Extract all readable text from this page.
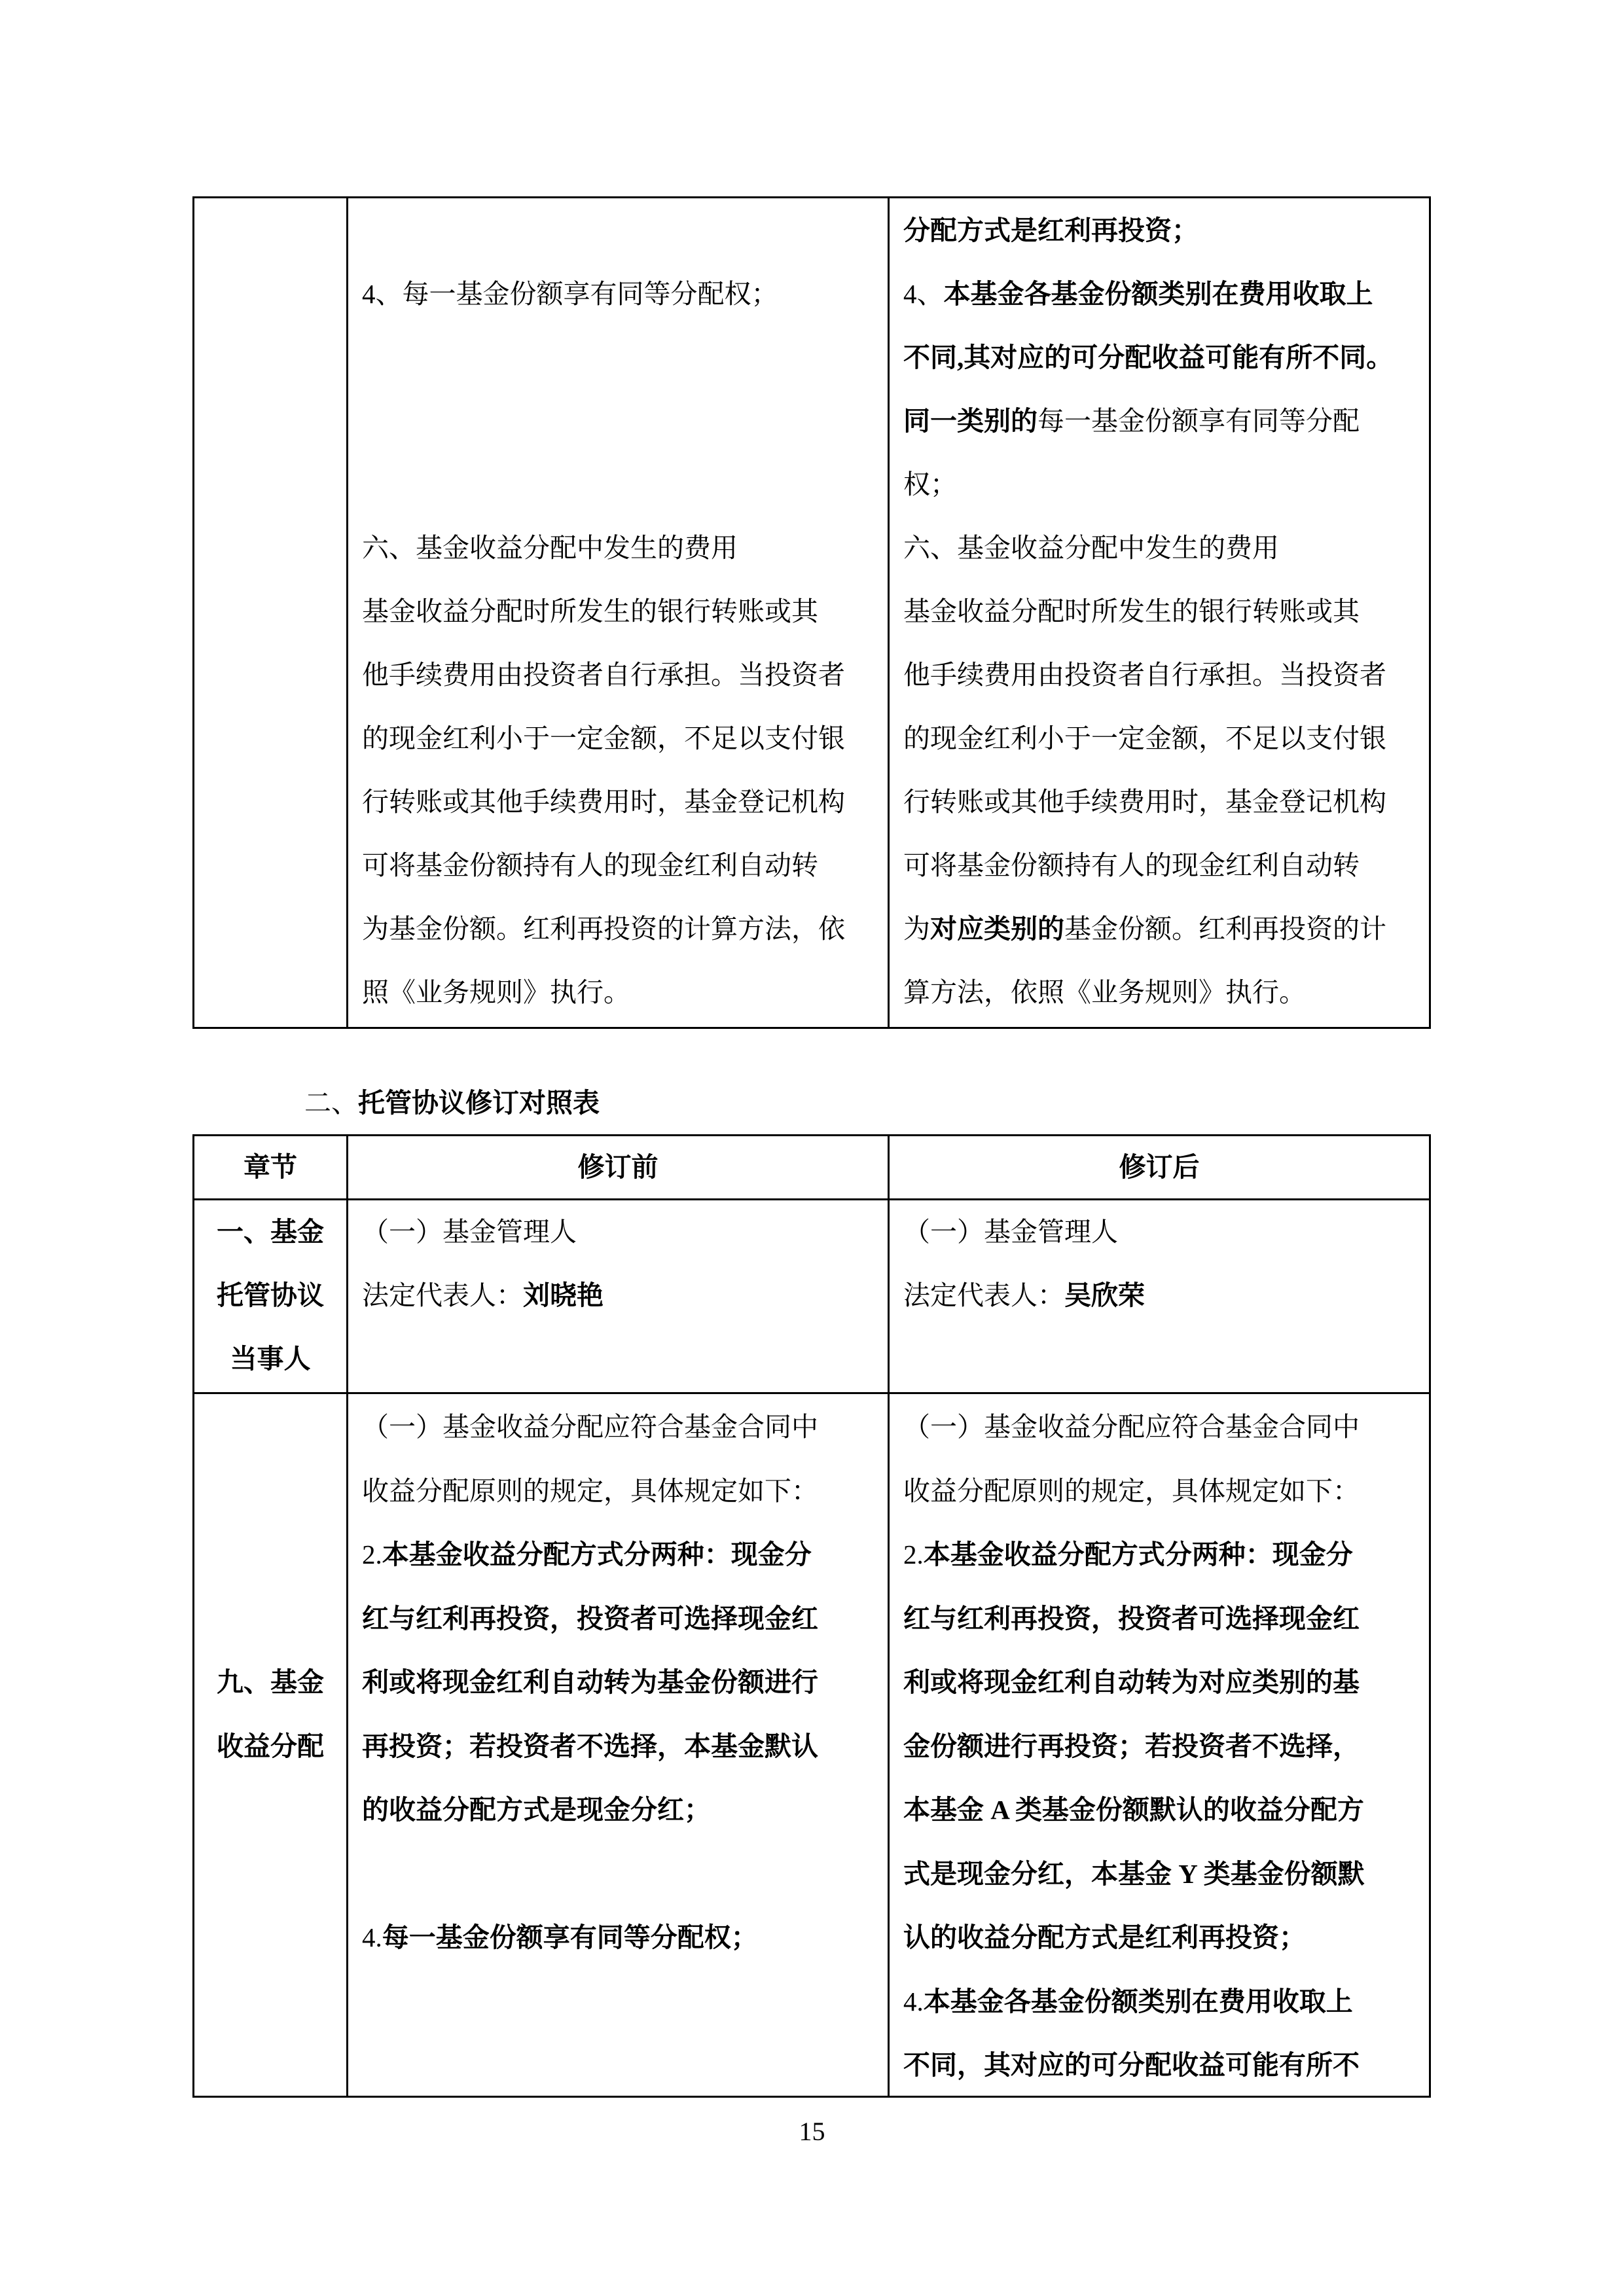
4、每一基金份额享有同等分配权；
六、基金收益分配中发生的费用
基金收益分配时所发生的银行转账或其
他手续费用由投资者自行承担。当投资者
的现金红利小于一定金额，不足以支付银
行转账或其他手续费用时，基金登记机构
可将基金份额持有人的现金红利自动转
为基金份额。红利再投资的计算方法，依
照《业务规则》执行。
分配方式是红利再投资；
4、本基金各基金份额类别在费用收取上
不同,其对应的可分配收益可能有所不同。
同一类别的每一基金份额享有同等分配
权；
六、基金收益分配中发生的费用
基金收益分配时所发生的银行转账或其
他手续费用由投资者自行承担。当投资者
的现金红利小于一定金额，不足以支付银
行转账或其他手续费用时，基金登记机构
可将基金份额持有人的现金红利自动转
为对应类别的基金份额。红利再投资的计
算方法，依照《业务规则》执行。
二、托管协议修订对照表
章节	修订前	修订后
一、基金
托管协议
当事人
（一）基金管理人
法定代表人：刘晓艳
（一）基金管理人
法定代表人：吴欣荣
九、基金
收益分配
（一）基金收益分配应符合基金合同中
收益分配原则的规定，具体规定如下：
2.本基金收益分配方式分两种：现金分
红与红利再投资，投资者可选择现金红
利或将现金红利自动转为基金份额进行
再投资；若投资者不选择，本基金默认
的收益分配方式是现金分红；
4.每一基金份额享有同等分配权；
（一）基金收益分配应符合基金合同中
收益分配原则的规定，具体规定如下：
2.本基金收益分配方式分两种：现金分
红与红利再投资，投资者可选择现金红
利或将现金红利自动转为对应类别的基
金份额进行再投资；若投资者不选择，
本基金 A 类基金份额默认的收益分配方
式是现金分红，本基金 Y 类基金份额默
认的收益分配方式是红利再投资；
4.本基金各基金份额类别在费用收取上
不同，其对应的可分配收益可能有所不
15
